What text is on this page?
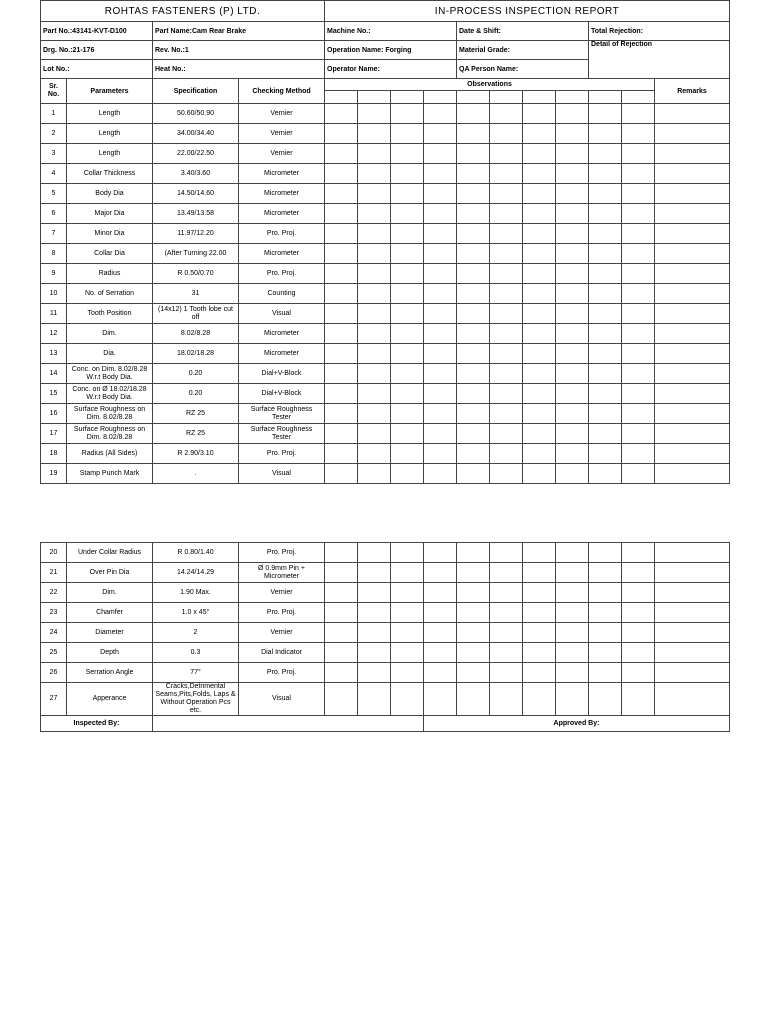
ROHTAS FASTENERS (P) LTD.				IN-PROCESS INSPECTION REPORT										
Part No.:43141-KVT-D100		Part Name:Cam Rear Brake		Machine No.:				Date & Shift:				Total Rejection:		
Drg. No.:21-176		Rev. No.:1		Operation Name: Forging				Material Grade:				Detail of Rejection		
Lot No.:		Heat No.:		Operator Name:				QA Person Name:						
Sr. No.	Parameters	Specification	Checking Method	Observations										Remarks

1	Length	50.60/50.90	Vernier											
2	Length	34.00/34.40	Vernier											
3	Length	22.00/22.50	Vernier											
4	Collar Thickness	3.40/3.60	Micrometer											
5	Body Dia	14.50/14.60	Micrometer											
6	Major Dia	13.49/13.58	Micrometer											
7	Minor Dia	11.97/12.20	Pro. Proj.											
8	Collar Dia	(After Turning 22.00	Micrometer											
9	Radius	R 0.50/0.70	Pro. Proj.											
10	No. of Serration	31	Counting											
11	Tooth Position	(14x12) 1 Tooth lobe cut off	Visual											
12	Dim.	8.02/8.28	Micrometer											
13	Dia.	18.02/18.28	Micrometer											
14	Conc. on Dim. 8.02/8.28 W.r.t Body Dia.	0.20	Dial+V-Block											
15	Conc. on Ø 18.02/18.28 W.r.t Body Dia.	0.20	Dial+V-Block											
16	Surface Roughness on Dim. 8.02/8.28	RZ 25	Surface Roughness Tester											
17	Surface Roughness on Dim. 8.02/8.28	RZ 25	Surface Roughness Tester											
18	Radius (All Sides)	R 2.90/3.10	Pro. Proj.											
19	Stamp Punch Mark	.	Visual											
20	Under Collar Radius	R 0.80/1.40	Pro. Proj.											
21	Over Pin Dia	14.24/14.29	Ø 0.9mm Pin + Micrometer											
22	Dim.	1.90 Max.	Vernier											
23	Chamfer	1.0 x 45°	Pro. Proj.											
24	Diameter	2	Vernier											
25	Depth	0.3	Dial Indicator											
26	Serration Angle	77°	Pro. Proj.											
27	Apperance	Cracks,Detrimental Seams,Pits,Folds, Laps & Without Operation Pcs etc.	Visual											
Inspected By:							Approved By:							
